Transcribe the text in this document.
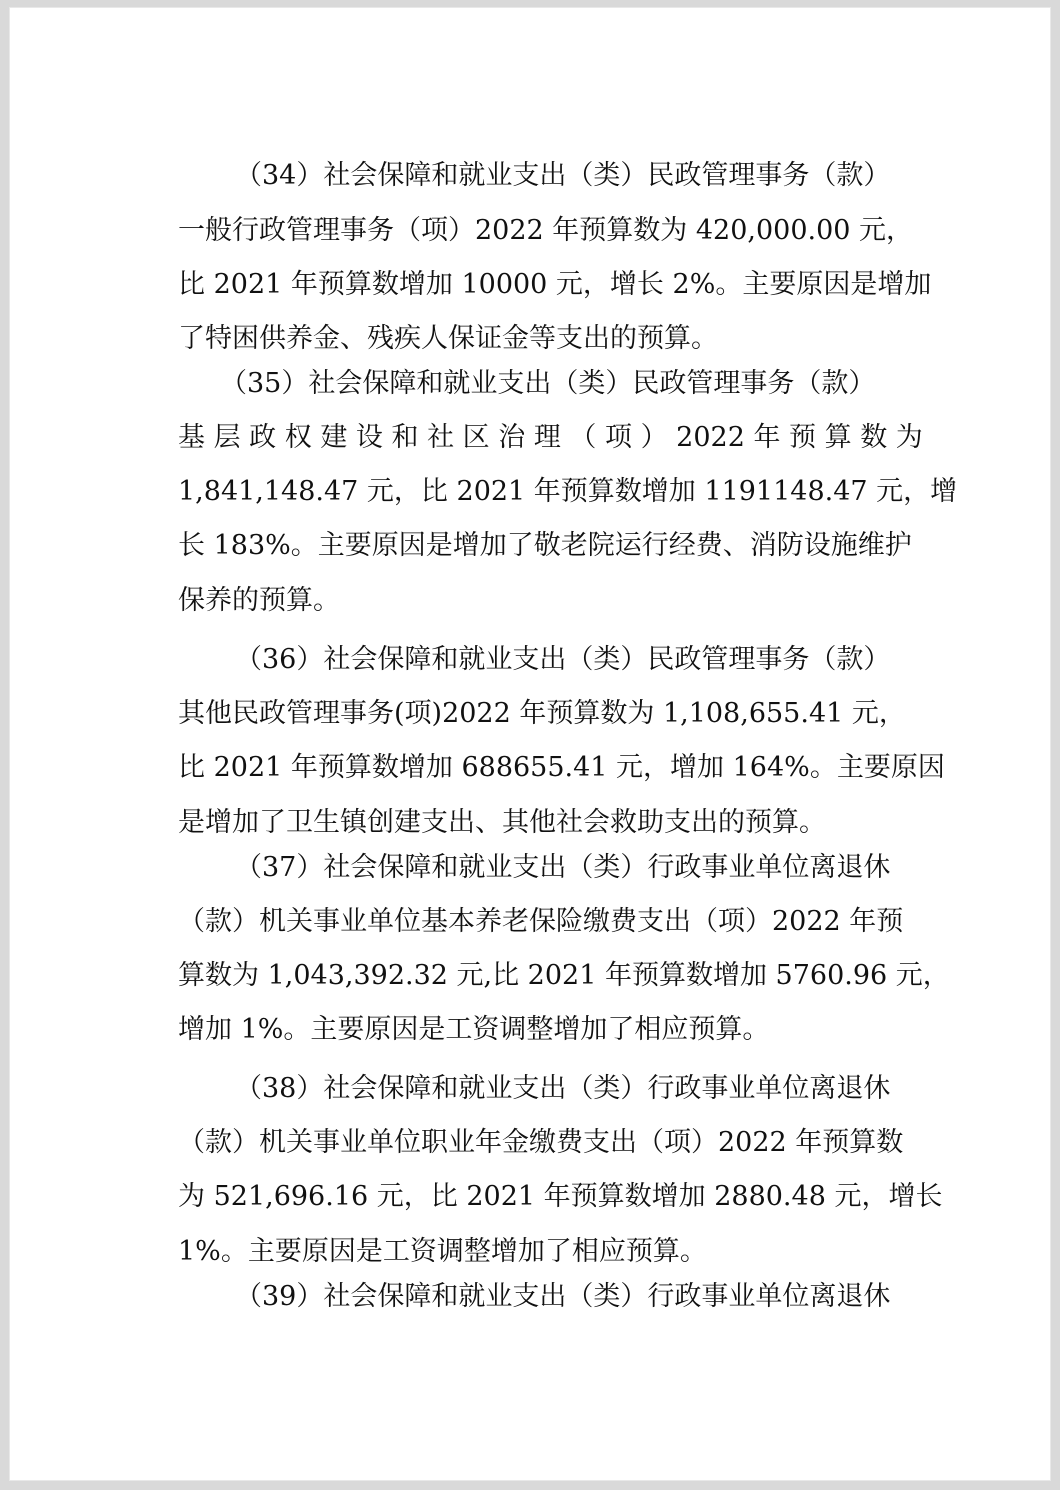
（34）社会保障和就业支出（类）民政管理事务（款）
一般行政管理事务（项）2022 年预算数为 420,000.00 元，
比 2021 年预算数增加 10000 元，增长 2%。主要原因是增加
了特困供养金、残疾人保证金等支出的预算。
（35）社会保障和就业支出（类）民政管理事务（款）
基 层 政 权 建 设 和 社 区 治 理 （ 项 ） 2022 年 预 算 数 为
1,841,148.47 元，比 2021 年预算数增加 1191148.47 元，增
长 183%。主要原因是增加了敬老院运行经费、消防设施维护
保养的预算。
（36）社会保障和就业支出（类）民政管理事务（款）
其他民政管理事务(项)2022 年预算数为 1,108,655.41 元，
比 2021 年预算数增加 688655.41 元，增加 164%。主要原因
是增加了卫生镇创建支出、其他社会救助支出的预算。
（37）社会保障和就业支出（类）行政事业单位离退休
（款）机关事业单位基本养老保险缴费支出（项）2022 年预
算数为 1,043,392.32 元,比 2021 年预算数增加 5760.96 元，
增加 1%。主要原因是工资调整增加了相应预算。
（38）社会保障和就业支出（类）行政事业单位离退休
（款）机关事业单位职业年金缴费支出（项）2022 年预算数
为 521,696.16 元，比 2021 年预算数增加 2880.48 元，增长
1%。主要原因是工资调整增加了相应预算。
（39）社会保障和就业支出（类）行政事业单位离退休
